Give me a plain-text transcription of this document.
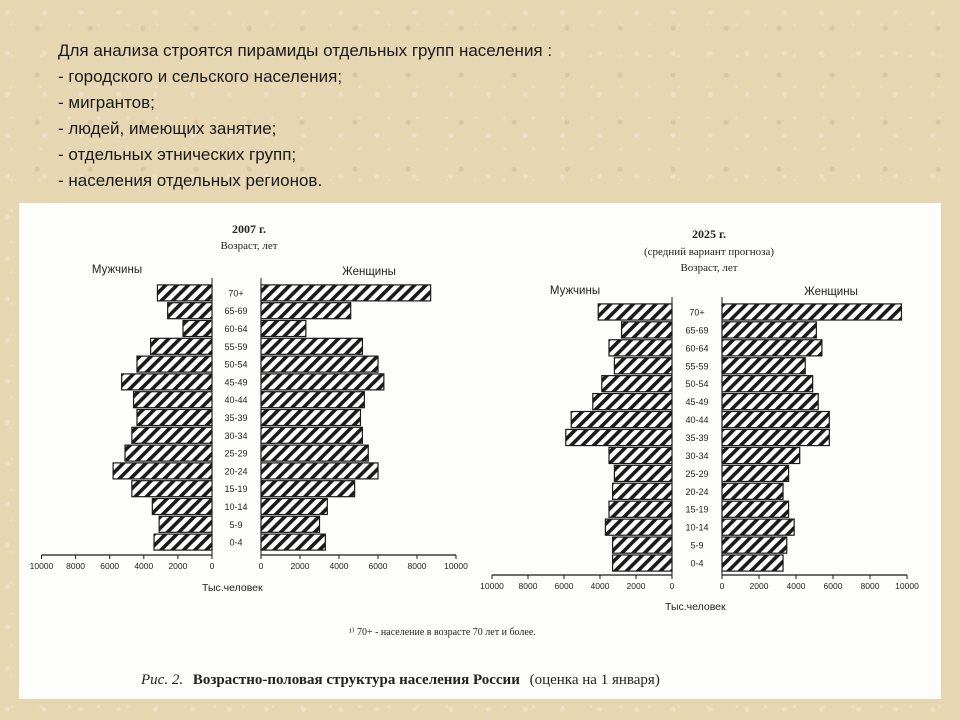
Для анализа строятся пирамиды отдельных групп населения :
- городского и сельского населения;
- мигрантов;
- людей, имеющих занятие;
- отдельных этнических групп;
- населения отдельных регионов.
2007 г.
Возраст, лет
Мужчины	Женщины
0-4
5-9
10-14
15-19
20-24
25-29
30-34
35-39
40-44
45-49
50-54
55-59
60-64
65-69
70+
0	0
2000	2000
4000	4000
6000	6000
8000	8000
10000	10000
Тыс.человек
2025 г.
(средний вариант прогноза)
Возраст, лет
Мужчины	Женщины
0-4
5-9
10-14
15-19
20-24
25-29
30-34
35-39
40-44
45-49
50-54
55-59
60-64
65-69
70+
0	0
2000	2000
4000	4000
6000	6000
8000	8000
10000	10000
Тыс.человек
¹⁾ 70+ - население в возрасте 70 лет и более.
Рис. 2. Возрастно-половая структура населения России (оценка на 1 января)
